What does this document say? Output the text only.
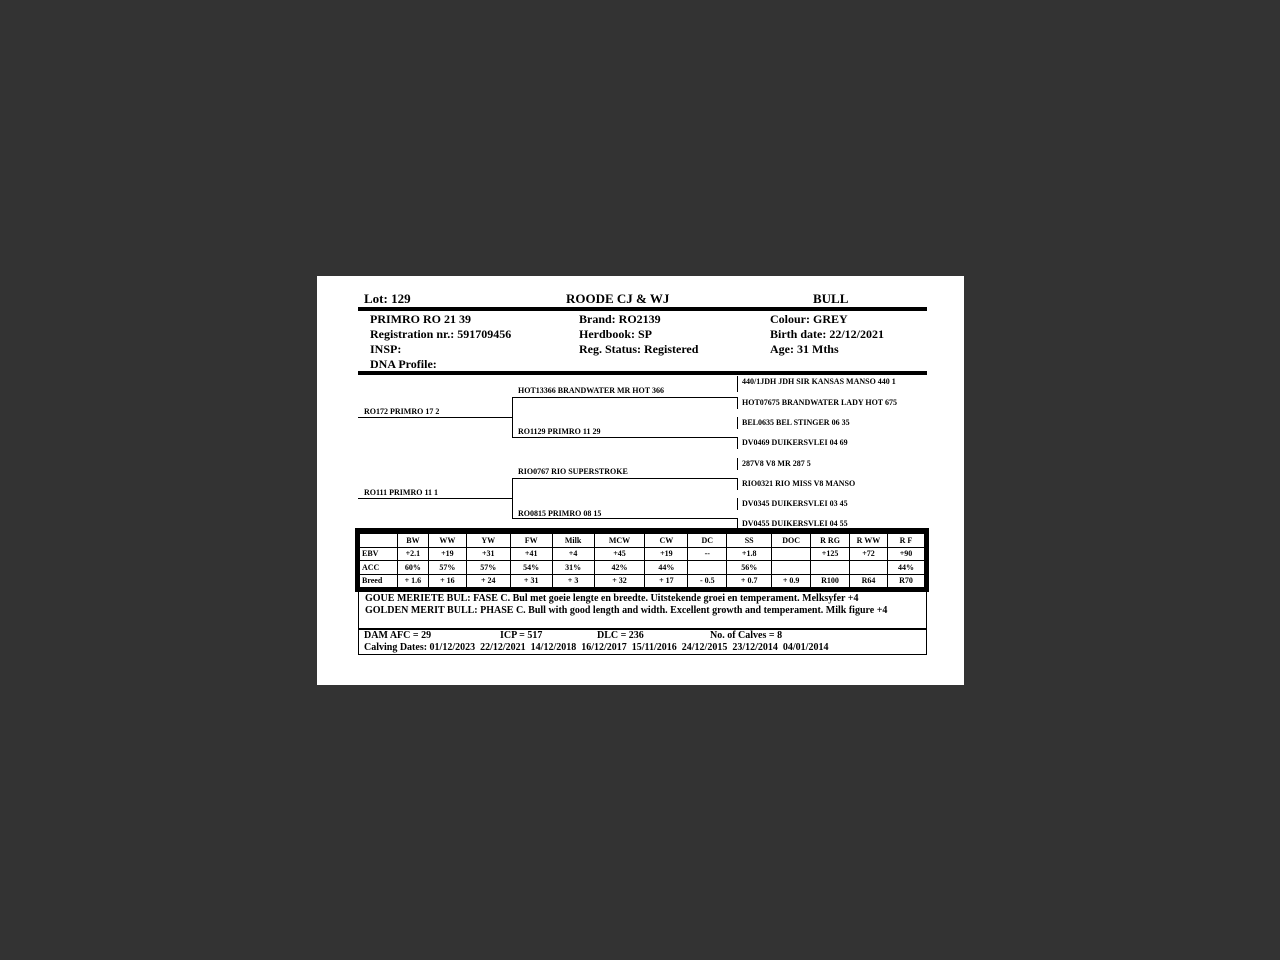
Lot: 129	ROODE CJ & WJ	BULL
PRIMRO RO 21 39
Registration nr.: 591709456
INSP:
DNA Profile:
Brand: RO2139
Herdbook: SP
Reg. Status: Registered
Colour: GREY
Birth date: 22/12/2021
Age: 31 Mths
RO172 PRIMRO 17 2
HOT13366 BRANDWATER MR HOT 366
RO1129 PRIMRO 11 29
RO111 PRIMRO 11 1
RIO0767 RIO SUPERSTROKE
RO0815 PRIMRO 08 15
440/1JDH JDH SIR KANSAS MANSO 440 1
HOT07675 BRANDWATER LADY HOT 675
BEL0635 BEL STINGER 06 35
DV0469 DUIKERSVLEI 04 69
287V8 V8 MR 287 5
RIO0321 RIO MISS V8 MANSO
DV0345 DUIKERSVLEI 03 45
DV0455 DUIKERSVLEI 04 55
	BW	WW	YW	FW	Milk	MCW	CW	DC	SS	DOC	R RG	R WW	R F
EBV	+2.1	+19	+31	+41	+4	+45	+19	--	+1.8		+125	+72	+90
ACC	60%	57%	57%	54%	31%	42%	44%		56%				44%
Breed	+ 1.6	+ 16	+ 24	+ 31	+ 3	+ 32	+ 17	- 0.5	+ 0.7	+ 0.9	R100	R64	R70
GOUE MERIETE BUL: FASE C. Bul met goeie lengte en breedte. Uitstekende groei en temperament. Melksyfer +4
GOLDEN MERIT BULL: PHASE C. Bull with good length and width. Excellent growth and temperament. Milk figure +4
DAM AFC = 29	ICP = 517	DLC = 236	No. of Calves = 8
Calving Dates: 01/12/2023  22/12/2021  14/12/2018  16/12/2017  15/11/2016  24/12/2015  23/12/2014  04/01/2014
